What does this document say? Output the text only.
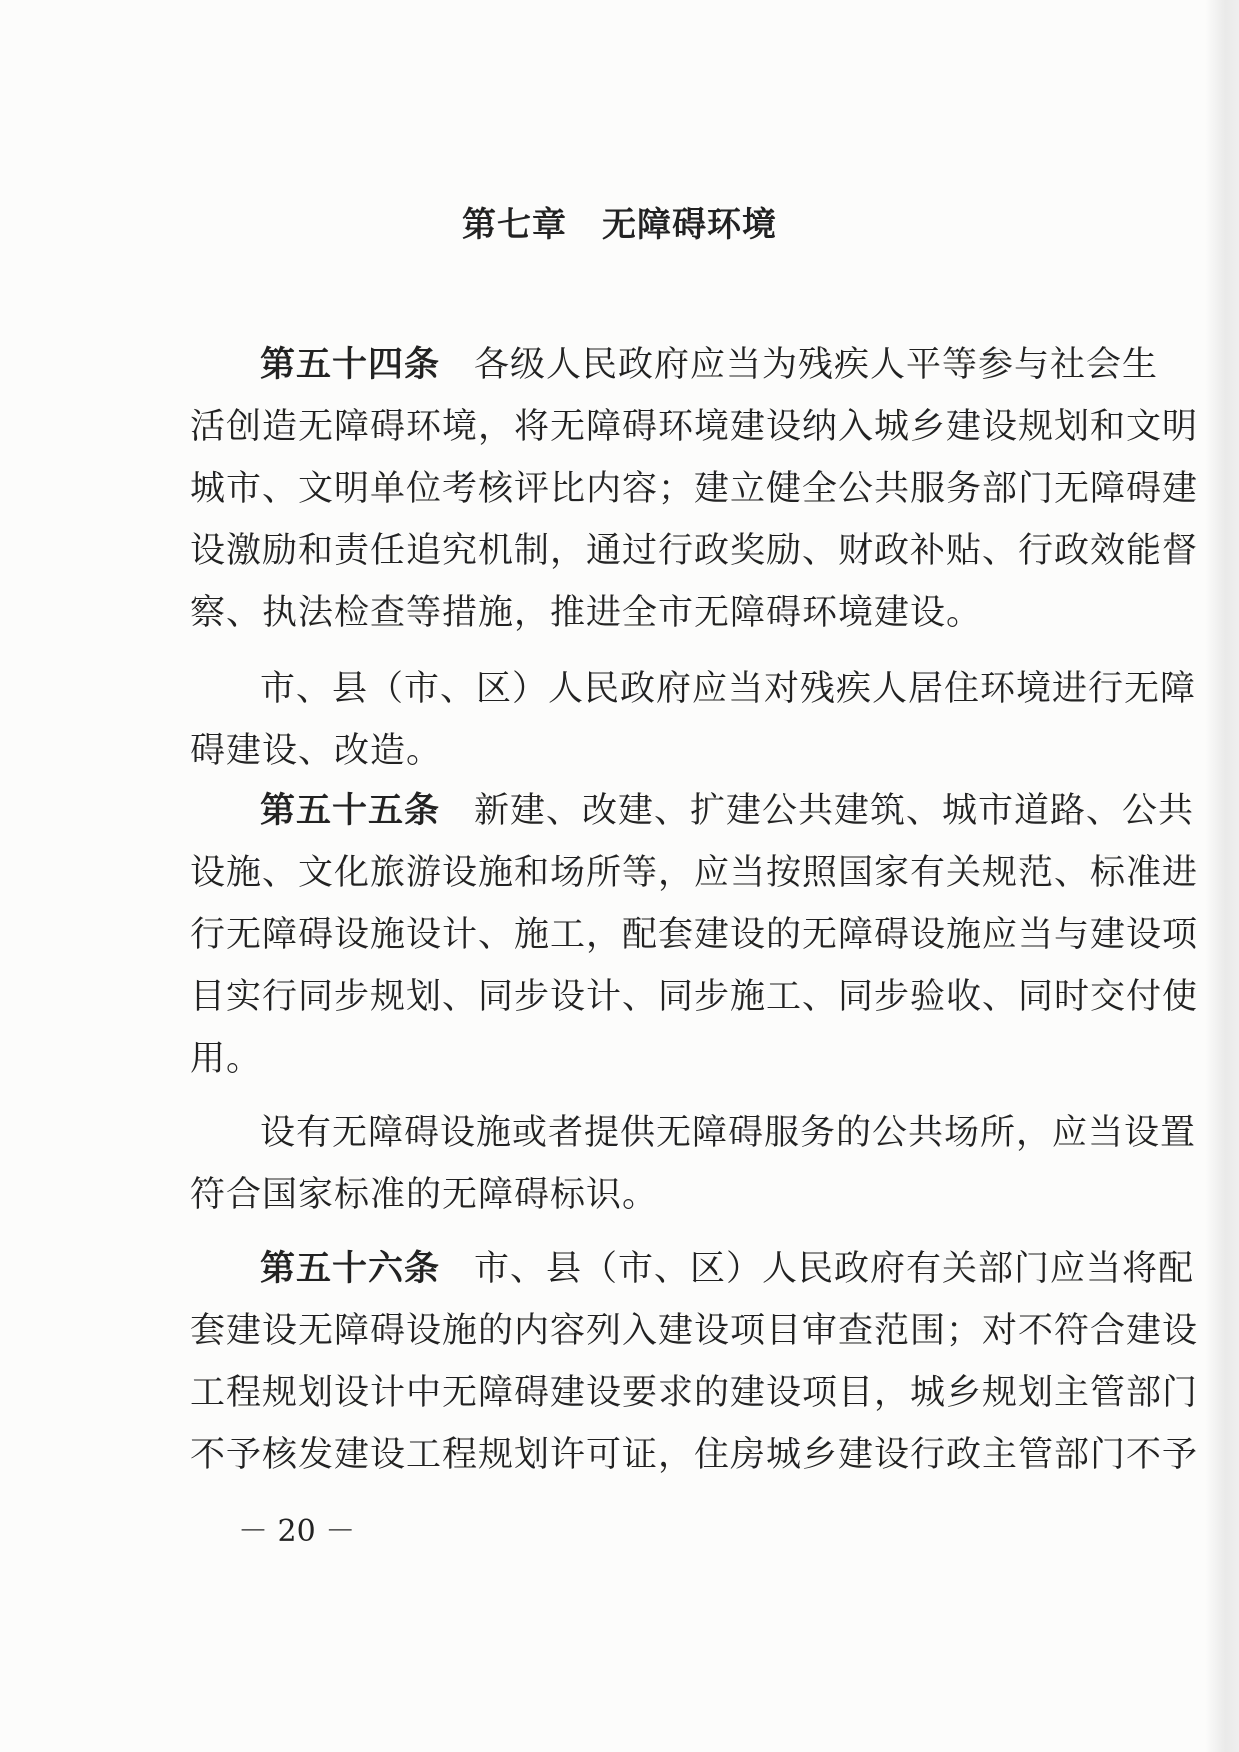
第七章　无障碍环境
第五十四条 各级人民政府应当为残疾人平等参与社会生
活创造无障碍环境，将无障碍环境建设纳入城乡建设规划和文明
城市、文明单位考核评比内容；建立健全公共服务部门无障碍建
设激励和责任追究机制，通过行政奖励、财政补贴、行政效能督
察、执法检查等措施，推进全市无障碍环境建设。
市、县（市、区）人民政府应当对残疾人居住环境进行无障
碍建设、改造。
第五十五条 新建、改建、扩建公共建筑、城市道路、公共
设施、文化旅游设施和场所等，应当按照国家有关规范、标准进
行无障碍设施设计、施工，配套建设的无障碍设施应当与建设项
目实行同步规划、同步设计、同步施工、同步验收、同时交付使
用。
设有无障碍设施或者提供无障碍服务的公共场所，应当设置
符合国家标准的无障碍标识。
第五十六条 市、县（市、区）人民政府有关部门应当将配
套建设无障碍设施的内容列入建设项目审查范围；对不符合建设
工程规划设计中无障碍建设要求的建设项目，城乡规划主管部门
不予核发建设工程规划许可证，住房城乡建设行政主管部门不予
－ 20 －
